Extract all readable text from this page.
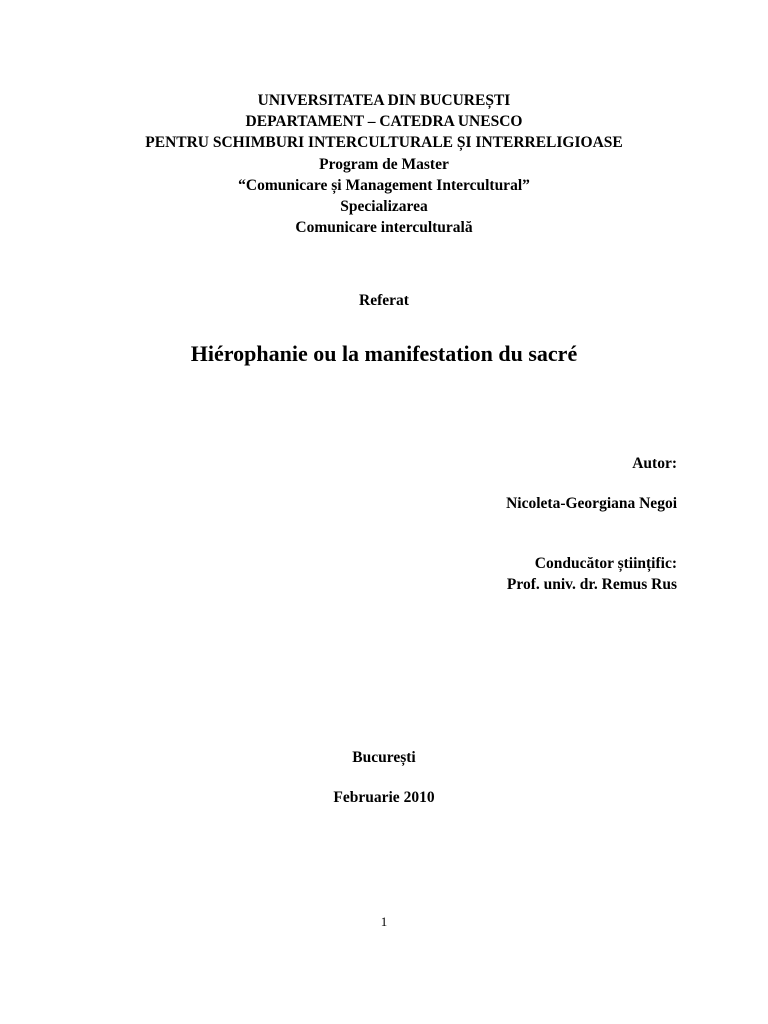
UNIVERSITATEA DIN BUCUREȘTI
DEPARTAMENT – CATEDRA UNESCO
PENTRU SCHIMBURI INTERCULTURALE ȘI INTERRELIGIOASE
Program de Master
“Comunicare și Management Intercultural”
Specializarea
Comunicare interculturală
Referat
Hiérophanie ou la manifestation du sacré
Autor:
Nicoleta-Georgiana Negoi
Conducător științific:
Prof. univ. dr. Remus Rus
București
Februarie 2010
1
